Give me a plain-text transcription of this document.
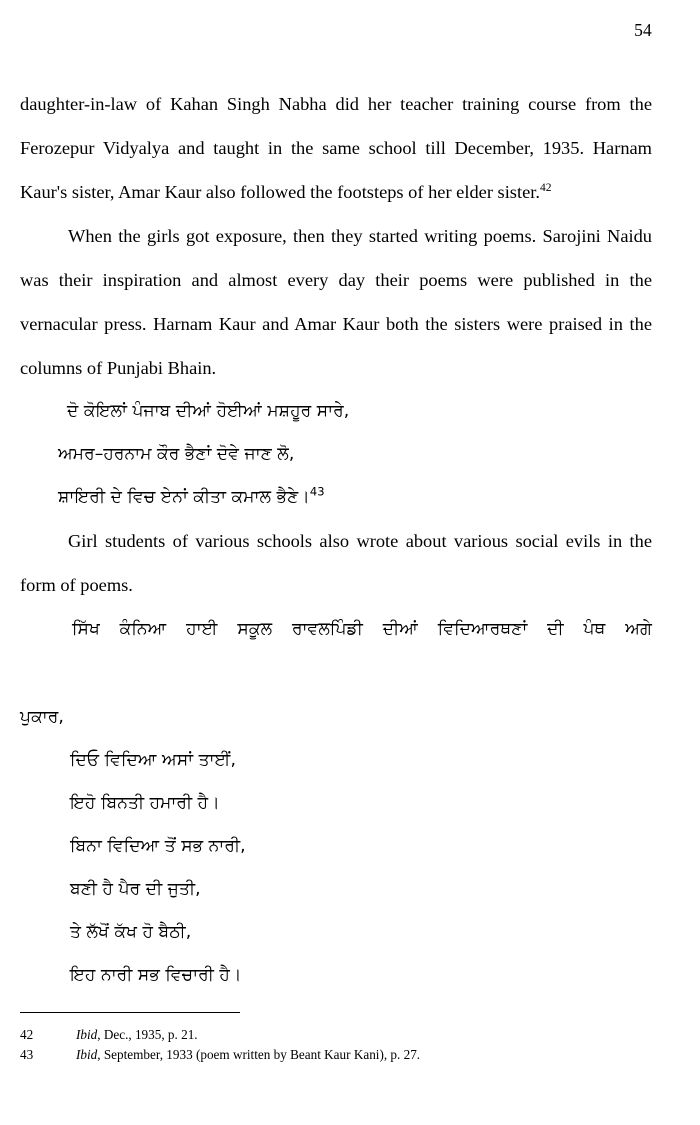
54

daughter-in-law of Kahan Singh Nabha did her teacher training course from the Ferozepur Vidyalya and taught in the same school till December, 1935. Harnam Kaur's sister, Amar Kaur also followed the footsteps of her elder sister.$^{42}$

When the girls got exposure, then they started writing poems. Sarojini Naidu was their inspiration and almost every day their poems were published in the vernacular press. Harnam Kaur and Amar Kaur both the sisters were praised in the columns of Punjabi Bhain.

ਦੋ ਕੋਇਲਾਂ ਪੰਜਾਬ ਦੀਆਂ ਹੋਈਆਂ ਮਸ਼ਹੂਰ ਸਾਰੇ,

ਅਮਰ–ਹਰਨਾਮ ਕੌਰ ਭੈਣਾਂ ਦੋਵੇ ਜਾਣ ਲੋ,

ਸ਼ਾਇਰੀ ਦੇ ਵਿਚ ਏਨਾਂ ਕੀਤਾ ਕਮਾਲ ਭੈਣੇ।$^{43}$

Girl students of various schools also wrote about various social evils in the form of poems.

ਸਿੱਖ ਕੰਨਿਆ ਹਾਈ ਸਕੂਲ ਰਾਵਲਪਿੰਡੀ ਦੀਆਂ ਵਿਦਿਆਰਥਣਾਂ ਦੀ ਪੰਥ ਅਗੇ
ਪੁਕਾਰ,

ਦਿਓ ਵਿਦਿਆ ਅਸਾਂ ਤਾਈਂ,

ਇਹੋ ਬਿਨਤੀ ਹਮਾਰੀ ਹੈ।

ਬਿਨਾ ਵਿਦਿਆ ਤੋਂ ਸਭ ਨਾਰੀ,

ਬਣੀ ਹੈ ਪੈਰ ਦੀ ਜੁਤੀ,

ਤੇ ਲੱਖੋਂ ਕੱਖ ਹੋ ਬੈਠੀ,

ਇਹ ਨਾਰੀ ਸਭ ਵਿਚਾਰੀ ਹੈ।

42	Ibid, Dec., 1935, p. 21.
43	Ibid, September, 1933 (poem written by Beant Kaur Kani), p. 27.
